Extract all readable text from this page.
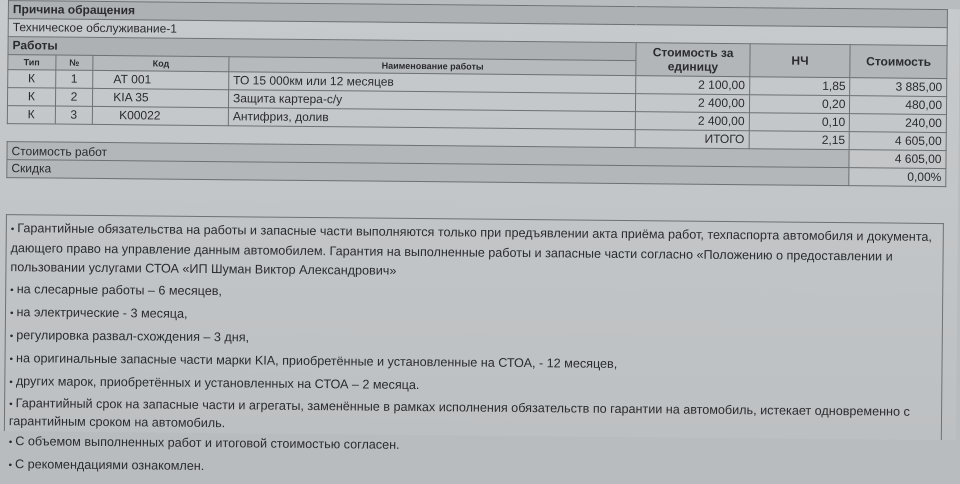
Причина обращения						
Техническое обслуживание-1						
Работы				Стоимость за единицу	НЧ	Стоимость
Тип	№	Код	Наименование работы			
К	1	АТ 001	ТО 15 000км или 12 месяцев	2 100,00	1,85	3 885,00
К	2	KIA 35	Защита картера-с/у	2 400,00	0,20	480,00
К	3	K00022	Антифриз, долив	2 400,00	0,10	240,00
				ИТОГО	2,15	4 605,00
Стоимость работ						4 605,00
Скидка						0,00%

• Гарантийные обязательства на работы и запасные части выполняются только при предъявлении акта приёма работ, техпаспорта автомобиля и документа, дающего право на управление данным автомобилем. Гарантия на выполненные работы и запасные части согласно «Положению о предоставлении и пользовании услугами СТОА «ИП Шуман Виктор Александрович»

• на слесарные работы – 6 месяцев,

• на электрические - 3 месяца,

• регулировка развал-схождения – 3 дня,

• на оригинальные запасные части марки KIA, приобретённые и установленные на СТОА, - 12 месяцев,

• других марок, приобретённых и установленных на СТОА – 2 месяца.

• Гарантийный срок на запасные части и агрегаты, заменённые в рамках исполнения обязательств по гарантии на автомобиль, истекает одновременно с гарантийным сроком на автомобиль.

• С объемом выполненных работ и итоговой стоимостью согласен.

• С рекомендациями ознакомлен.
